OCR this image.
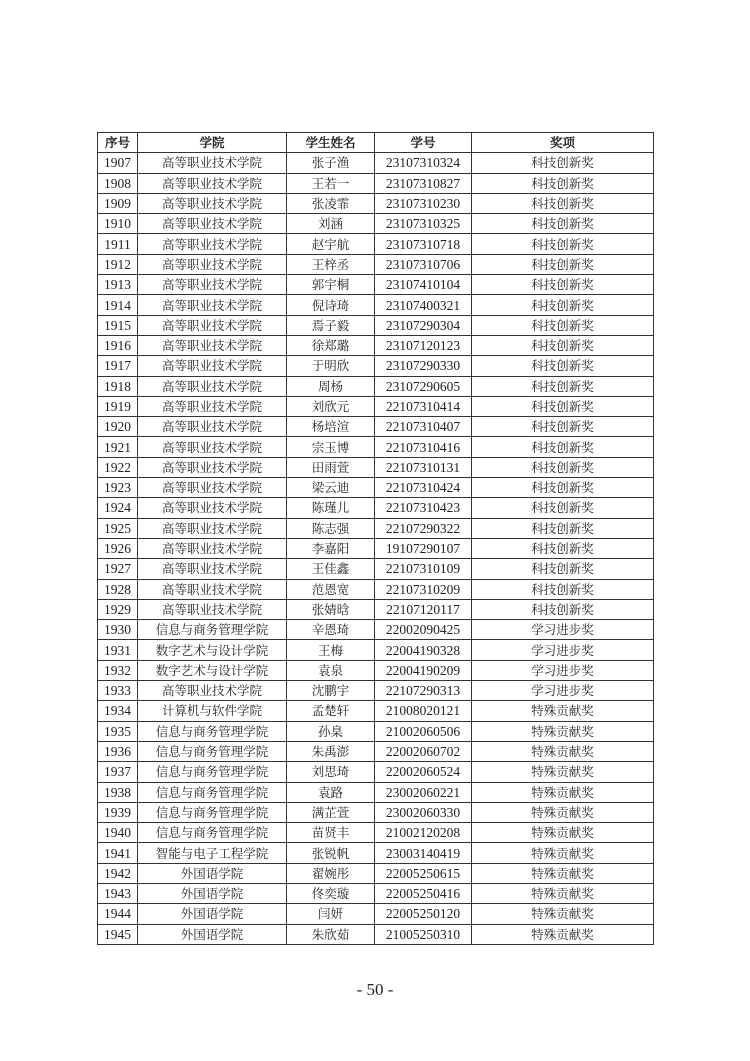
序号	学院	学生姓名	学号	奖项
1907	高等职业技术学院	张子渔	23107310324	科技创新奖
1908	高等职业技术学院	王若一	23107310827	科技创新奖
1909	高等职业技术学院	张凌霏	23107310230	科技创新奖
1910	高等职业技术学院	刘涵	23107310325	科技创新奖
1911	高等职业技术学院	赵宇航	23107310718	科技创新奖
1912	高等职业技术学院	王梓丞	23107310706	科技创新奖
1913	高等职业技术学院	郭宇桐	23107410104	科技创新奖
1914	高等职业技术学院	倪诗琦	23107400321	科技创新奖
1915	高等职业技术学院	焉子毅	23107290304	科技创新奖
1916	高等职业技术学院	徐郑璐	23107120123	科技创新奖
1917	高等职业技术学院	于明欣	23107290330	科技创新奖
1918	高等职业技术学院	周杨	23107290605	科技创新奖
1919	高等职业技术学院	刘欣元	22107310414	科技创新奖
1920	高等职业技术学院	杨培渲	22107310407	科技创新奖
1921	高等职业技术学院	宗玉博	22107310416	科技创新奖
1922	高等职业技术学院	田雨萱	22107310131	科技创新奖
1923	高等职业技术学院	梁云迪	22107310424	科技创新奖
1924	高等职业技术学院	陈瑾儿	22107310423	科技创新奖
1925	高等职业技术学院	陈志强	22107290322	科技创新奖
1926	高等职业技术学院	李嘉阳	19107290107	科技创新奖
1927	高等职业技术学院	王佳鑫	22107310109	科技创新奖
1928	高等职业技术学院	范恩宽	22107310209	科技创新奖
1929	高等职业技术学院	张婧晗	22107120117	科技创新奖
1930	信息与商务管理学院	辛恩琦	22002090425	学习进步奖
1931	数字艺术与设计学院	王梅	22004190328	学习进步奖
1932	数字艺术与设计学院	袁泉	22004190209	学习进步奖
1933	高等职业技术学院	沈鹏宇	22107290313	学习进步奖
1934	计算机与软件学院	孟楚轩	21008020121	特殊贡献奖
1935	信息与商务管理学院	孙臬	21002060506	特殊贡献奖
1936	信息与商务管理学院	朱禹澎	22002060702	特殊贡献奖
1937	信息与商务管理学院	刘思琦	22002060524	特殊贡献奖
1938	信息与商务管理学院	袁路	23002060221	特殊贡献奖
1939	信息与商务管理学院	满芷萱	23002060330	特殊贡献奖
1940	信息与商务管理学院	苗贤丰	21002120208	特殊贡献奖
1941	智能与电子工程学院	张锐帆	23003140419	特殊贡献奖
1942	外国语学院	翟婉彤	22005250615	特殊贡献奖
1943	外国语学院	佟奕璇	22005250416	特殊贡献奖
1944	外国语学院	闫妍	22005250120	特殊贡献奖
1945	外国语学院	朱欣茹	21005250310	特殊贡献奖
- 50 -
